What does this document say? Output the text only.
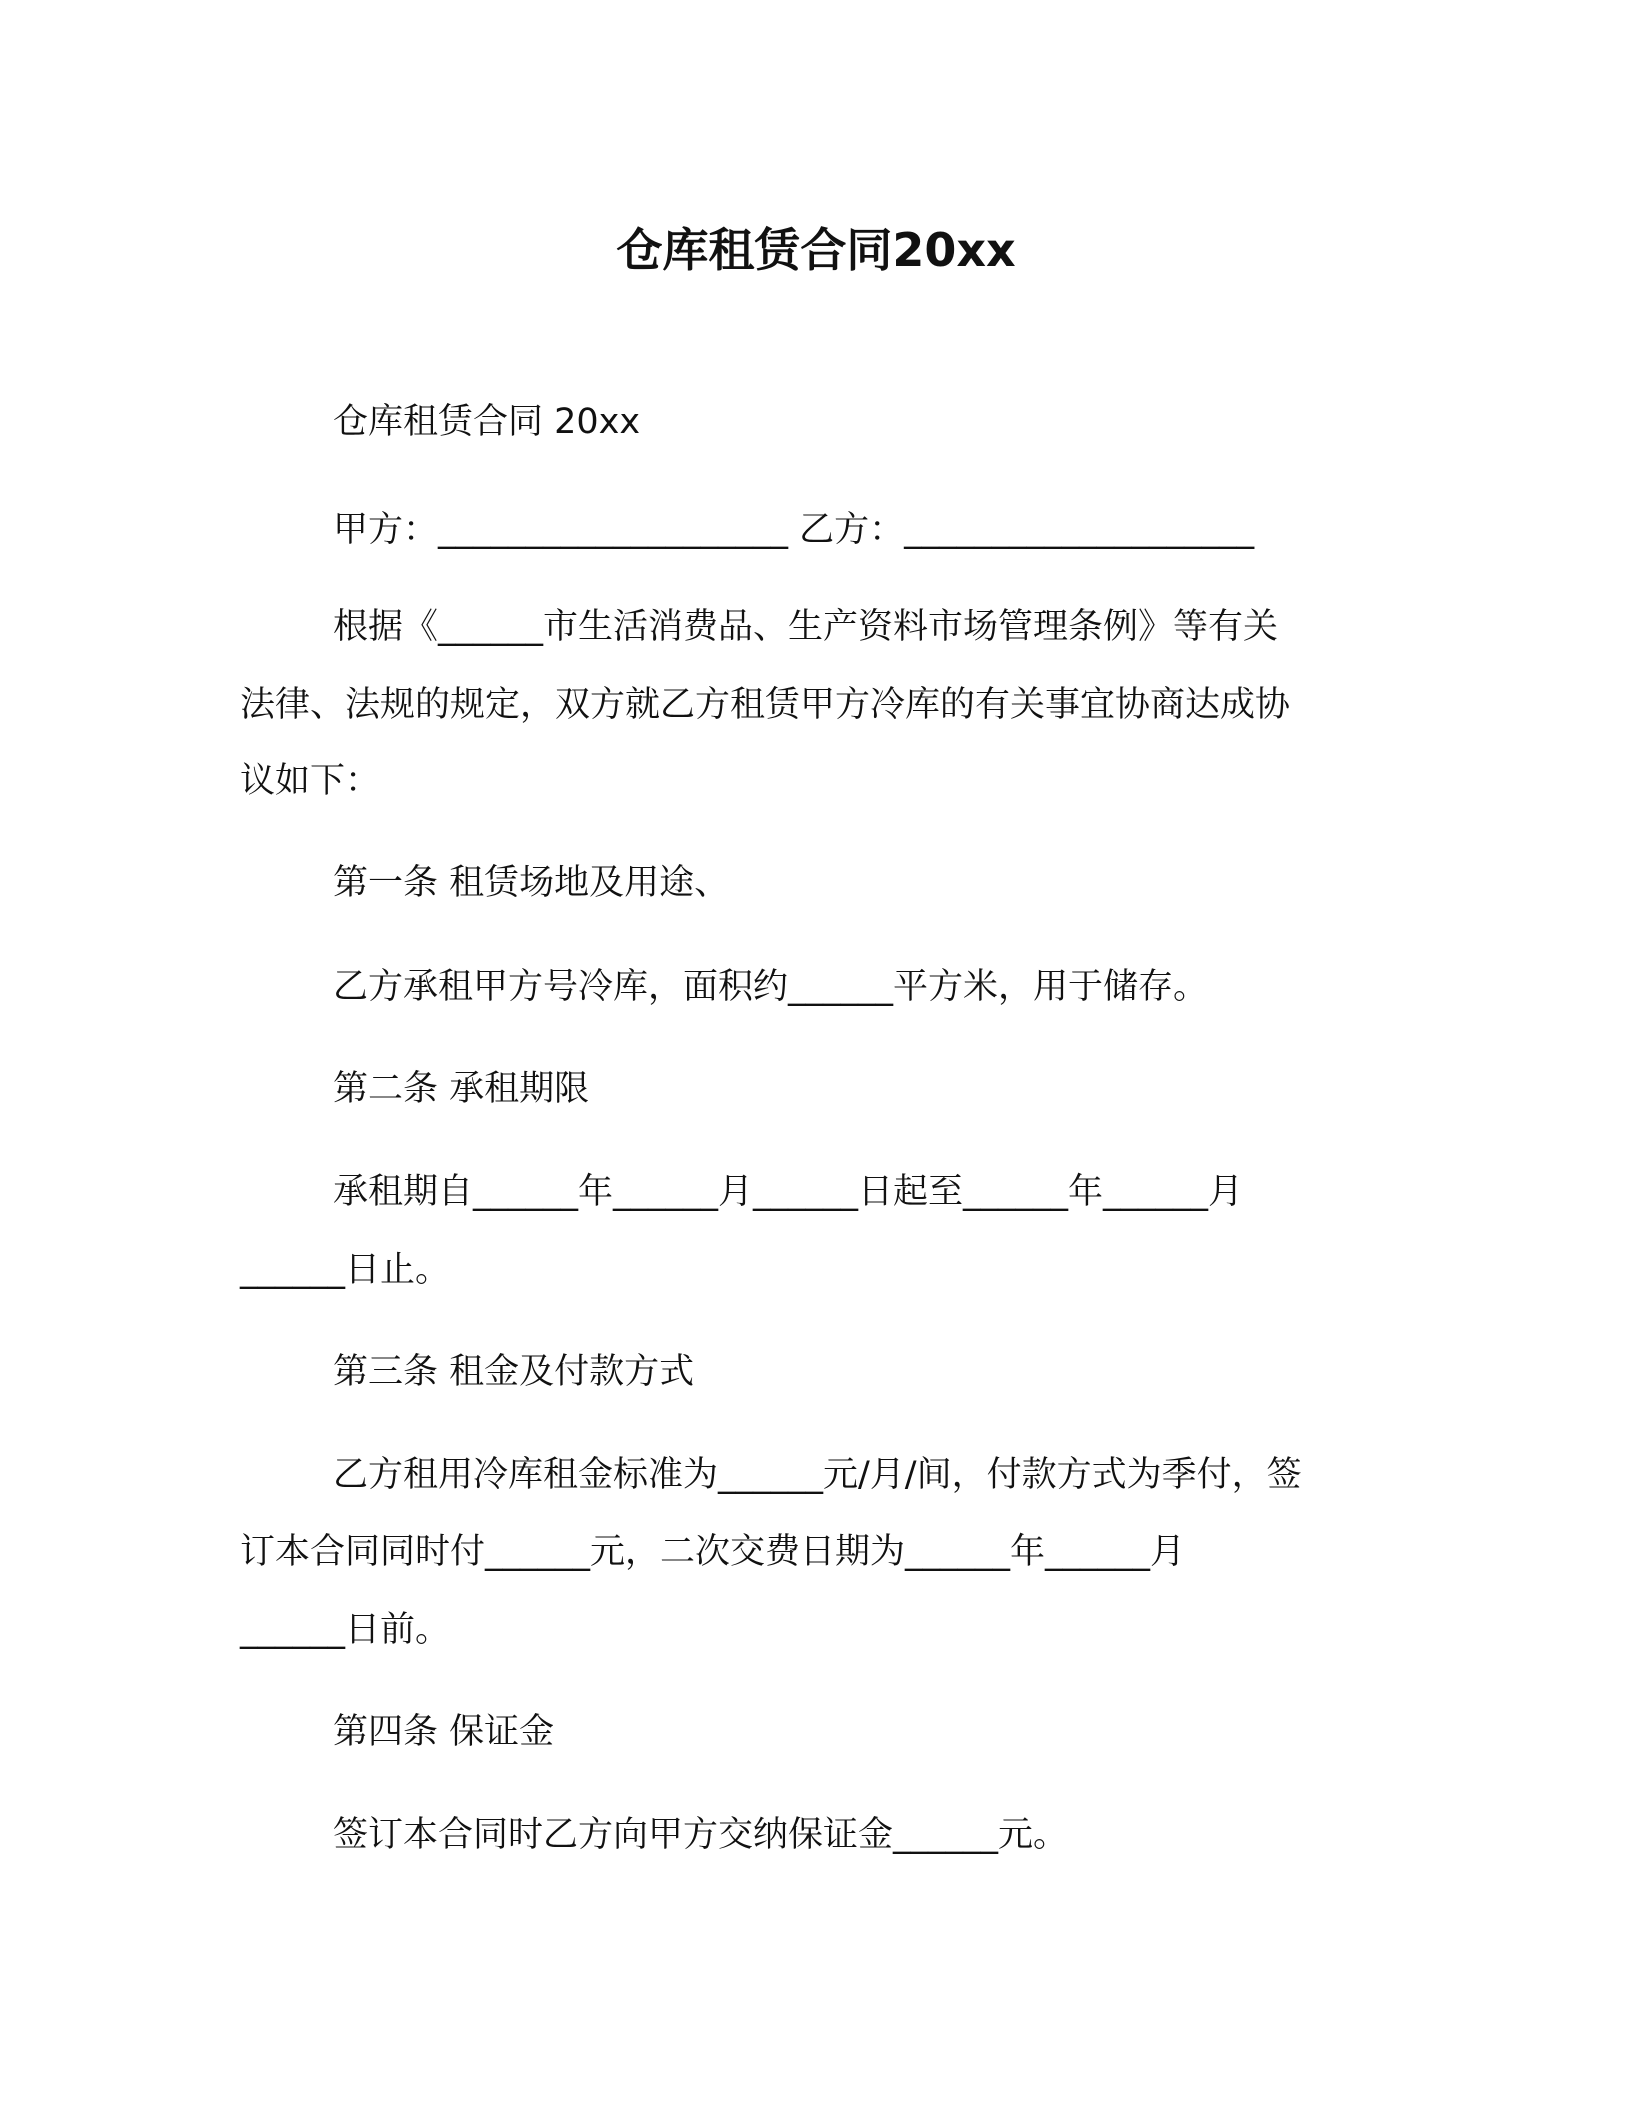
仓库租赁合同20xx
仓库租赁合同 20xx
甲方：____________________ 乙方：____________________
根据《______市生活消费品、生产资料市场管理条例》等有关
法律、法规的规定，双方就乙方租赁甲方冷库的有关事宜协商达成协
议如下：
第一条 租赁场地及用途、
乙方承租甲方号冷库，面积约______平方米，用于储存。
第二条 承租期限
承租期自______年______月______日起至______年______月
______日止。
第三条 租金及付款方式
乙方租用冷库租金标准为______元/月/间，付款方式为季付，签
订本合同同时付______元，二次交费日期为______年______月
______日前。
第四条 保证金
签订本合同时乙方向甲方交纳保证金______元。
